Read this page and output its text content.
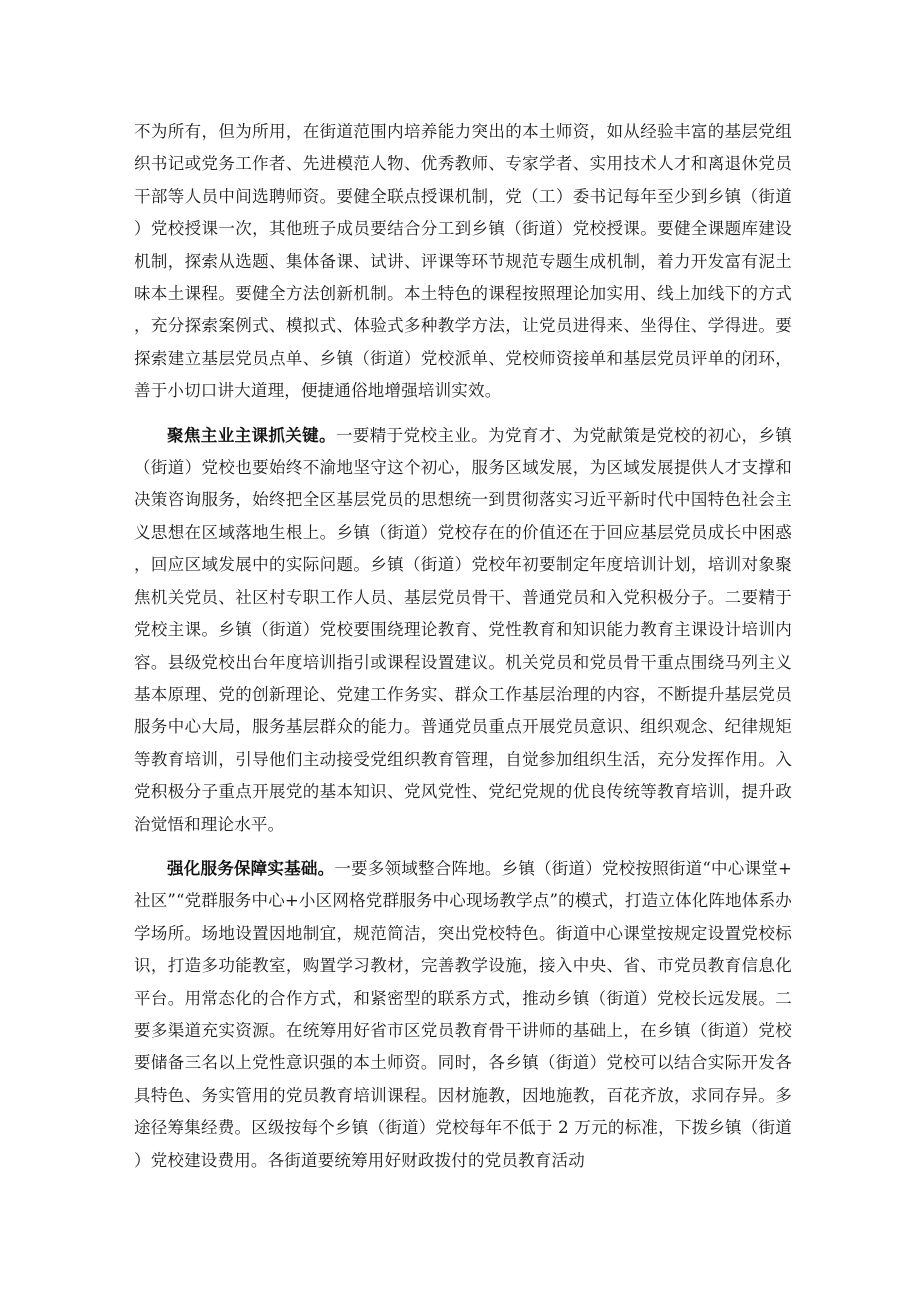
不为所有，但为所用，在街道范围内培养能力突出的本土师资，如从经验丰富的基层党组织书记或党务工作者、先进模范人物、优秀教师、专家学者、实用技术人才和离退休党员干部等人员中间选聘师资。要健全联点授课机制，党（工）委书记每年至少到乡镇（街道）党校授课一次，其他班子成员要结合分工到乡镇（街道）党校授课。要健全课题库建设机制，探索从选题、集体备课、试讲、评课等环节规范专题生成机制，着力开发富有泥土味本土课程。要健全方法创新机制。本土特色的课程按照理论加实用、线上加线下的方式，充分探索案例式、模拟式、体验式多种教学方法，让党员进得来、坐得住、学得进。要探索建立基层党员点单、乡镇（街道）党校派单、党校师资接单和基层党员评单的闭环，善于小切口讲大道理，便捷通俗地增强培训实效。

聚焦主业主课抓关键。一要精于党校主业。为党育才、为党献策是党校的初心，乡镇（街道）党校也要始终不渝地坚守这个初心，服务区域发展，为区域发展提供人才支撑和决策咨询服务，始终把全区基层党员的思想统一到贯彻落实习近平新时代中国特色社会主义思想在区域落地生根上。乡镇（街道）党校存在的价值还在于回应基层党员成长中困惑，回应区域发展中的实际问题。乡镇（街道）党校年初要制定年度培训计划，培训对象聚焦机关党员、社区村专职工作人员、基层党员骨干、普通党员和入党积极分子。二要精于党校主课。乡镇（街道）党校要围绕理论教育、党性教育和知识能力教育主课设计培训内容。县级党校出台年度培训指引或课程设置建议。机关党员和党员骨干重点围绕马列主义基本原理、党的创新理论、党建工作务实、群众工作基层治理的内容，不断提升基层党员服务中心大局，服务基层群众的能力。普通党员重点开展党员意识、组织观念、纪律规矩等教育培训，引导他们主动接受党组织教育管理，自觉参加组织生活，充分发挥作用。入党积极分子重点开展党的基本知识、党风党性、党纪党规的优良传统等教育培训，提升政治觉悟和理论水平。

强化服务保障实基础。一要多领域整合阵地。乡镇（街道）党校按照街道“中心课堂+社区”“党群服务中心+小区网格党群服务中心现场教学点”的模式，打造立体化阵地体系办学场所。场地设置因地制宜，规范简洁，突出党校特色。街道中心课堂按规定设置党校标识，打造多功能教室，购置学习教材，完善教学设施，接入中央、省、市党员教育信息化平台。用常态化的合作方式，和紧密型的联系方式，推动乡镇（街道）党校长远发展。二要多渠道充实资源。在统筹用好省市区党员教育骨干讲师的基础上，在乡镇（街道）党校要储备三名以上党性意识强的本土师资。同时，各乡镇（街道）党校可以结合实际开发各具特色、务实管用的党员教育培训课程。因材施教，因地施教，百花齐放，求同存异。多途径筹集经费。区级按每个乡镇（街道）党校每年不低于 2 万元的标准，下拨乡镇（街道）党校建设费用。各街道要统筹用好财政拨付的党员教育活动
